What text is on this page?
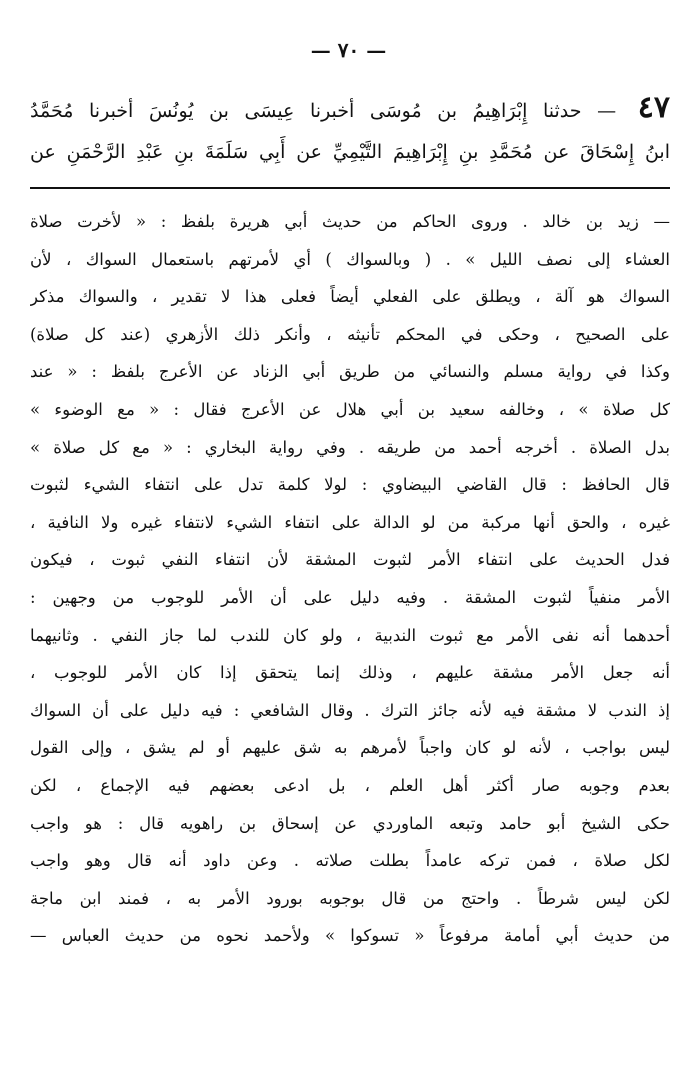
— ٧٠ —
٤٧ — حدثنا إِبْرَاهِيمُ بن مُوسَى أخبرنا عِيسَى بن يُونُسَ أخبرنا مُحَمَّدُ
ابنُ إِسْحَاقَ عن مُحَمَّدِ بنِ إِبْرَاهِيمَ التَّيْمِيِّ عن أَبِي سَلَمَةَ بنِ عَبْدِ الرَّحْمَنِ عن
— زيد بن خالد . وروى الحاكم من حديث أبي هريرة بلفظ : « لأخرت صلاة
العشاء إلى نصف الليل » . ( وبالسواك ) أي لأمرتهم باستعمال السواك ، لأن
السواك هو آلة ، ويطلق على الفعلي أيضاً فعلى هذا لا تقدير ، والسواك مذكر
على الصحيح ، وحكى في المحكم تأنيثه ، وأنكر ذلك الأزهري (عند كل صلاة)
وكذا في رواية مسلم والنسائي من طريق أبي الزناد عن الأعرج بلفظ : « عند
كل صلاة » ، وخالفه سعيد بن أبي هلال عن الأعرج فقال : « مع الوضوء »
بدل الصلاة . أخرجه أحمد من طريقه . وفي رواية البخاري : « مع كل صلاة »
قال الحافظ : قال القاضي البيضاوي : لولا كلمة تدل على انتفاء الشيء لثبوت
غيره ، والحق أنها مركبة من لو الدالة على انتفاء الشيء لانتفاء غيره ولا النافية ،
فدل الحديث على انتفاء الأمر لثبوت المشقة لأن انتفاء النفي ثبوت ، فيكون
الأمر منفياً لثبوت المشقة . وفيه دليل على أن الأمر للوجوب من وجهين :
أحدهما أنه نفى الأمر مع ثبوت الندبية ، ولو كان للندب لما جاز النفي . وثانيهما
أنه جعل الأمر مشقة عليهم ، وذلك إنما يتحقق إذا كان الأمر للوجوب ،
إذ الندب لا مشقة فيه لأنه جائز الترك . وقال الشافعي : فيه دليل على أن السواك
ليس بواجب ، لأنه لو كان واجباً لأمرهم به شق عليهم أو لم يشق ، وإلى القول
بعدم وجوبه صار أكثر أهل العلم ، بل ادعى بعضهم فيه الإجماع ، لكن
حكى الشيخ أبو حامد وتبعه الماوردي عن إسحاق بن راهويه قال : هو واجب
لكل صلاة ، فمن تركه عامداً بطلت صلاته . وعن داود أنه قال وهو واجب
لكن ليس شرطاً . واحتج من قال بوجوبه بورود الأمر به ، فمند ابن ماجة
من حديث أبي أمامة مرفوعاً « تسوكوا » ولأحمد نحوه من حديث العباس —
